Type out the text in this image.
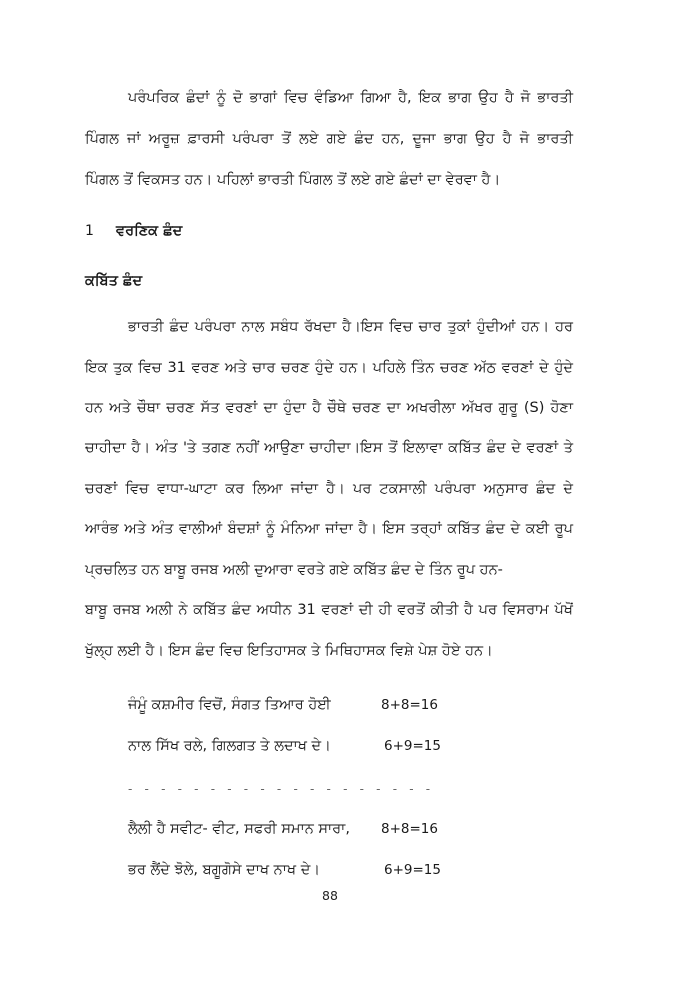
ਪਰੰਪਰਿਕ ਛੰਦਾਂ ਨੂੰ ਦੋ ਭਾਗਾਂ ਵਿਚ ਵੰਡਿਆ ਗਿਆ ਹੈ, ਇਕ ਭਾਗ ਉਹ ਹੈ ਜੋ ਭਾਰਤੀ
ਪਿੰਗਲ ਜਾਂ ਅਰੂਜ਼ ਫ਼ਾਰਸੀ ਪਰੰਪਰਾ ਤੋਂ ਲਏ ਗਏ ਛੰਦ ਹਨ, ਦੂਜਾ ਭਾਗ ਉਹ ਹੈ ਜੋ ਭਾਰਤੀ
ਪਿੰਗਲ ਤੋਂ ਵਿਕਸਤ ਹਨ। ਪਹਿਲਾਂ ਭਾਰਤੀ ਪਿੰਗਲ ਤੋਂ ਲਏ ਗਏ ਛੰਦਾਂ ਦਾ ਵੇਰਵਾ ਹੈ।
1 ਵਰਣਿਕ ਛੰਦ
ਕਬਿੱਤ ਛੰਦ
ਭਾਰਤੀ ਛੰਦ ਪਰੰਪਰਾ ਨਾਲ ਸਬੰਧ ਰੱਖਦਾ ਹੈ।ਇਸ ਵਿਚ ਚਾਰ ਤੁਕਾਂ ਹੁੰਦੀਆਂ ਹਨ। ਹਰ
ਇਕ ਤੁਕ ਵਿਚ 31 ਵਰਣ ਅਤੇ ਚਾਰ ਚਰਣ ਹੁੰਦੇ ਹਨ। ਪਹਿਲੇ ਤਿੰਨ ਚਰਣ ਅੱਠ ਵਰਣਾਂ ਦੇ ਹੁੰਦੇ
ਹਨ ਅਤੇ ਚੌਥਾ ਚਰਣ ਸੱਤ ਵਰਣਾਂ ਦਾ ਹੁੰਦਾ ਹੈ ਚੌਥੇ ਚਰਣ ਦਾ ਅਖਰੀਲਾ ਅੱਖਰ ਗੁਰੂ (S) ਹੋਣਾ
ਚਾਹੀਦਾ ਹੈ। ਅੰਤ 'ਤੇ ਤਗਣ ਨਹੀਂ ਆਉਣਾ ਚਾਹੀਦਾ।ਇਸ ਤੋਂ ਇਲਾਵਾ ਕਬਿੱਤ ਛੰਦ ਦੇ ਵਰਣਾਂ ਤੇ
ਚਰਣਾਂ ਵਿਚ ਵਾਧਾ-ਘਾਟਾ ਕਰ ਲਿਆ ਜਾਂਦਾ ਹੈ। ਪਰ ਟਕਸਾਲੀ ਪਰੰਪਰਾ ਅਨੁਸਾਰ ਛੰਦ ਦੇ
ਆਰੰਭ ਅਤੇ ਅੰਤ ਵਾਲੀਆਂ ਬੰਦਸ਼ਾਂ ਨੂੰ ਮੰਨਿਆ ਜਾਂਦਾ ਹੈ। ਇਸ ਤਰ੍ਹਾਂ ਕਬਿੱਤ ਛੰਦ ਦੇ ਕਈ ਰੂਪ
ਪ੍ਰਚਲਿਤ ਹਨ ਬਾਬੂ ਰਜਬ ਅਲੀ ਦੁਆਰਾ ਵਰਤੇ ਗਏ ਕਬਿੱਤ ਛੰਦ ਦੇ ਤਿੰਨ ਰੂਪ ਹਨ-
ਬਾਬੂ ਰਜਬ ਅਲੀ ਨੇ ਕਬਿੱਤ ਛੰਦ ਅਧੀਨ 31 ਵਰਣਾਂ ਦੀ ਹੀ ਵਰਤੋਂ ਕੀਤੀ ਹੈ ਪਰ ਵਿਸਰਾਮ ਪੱਖੋਂ
ਖੁੱਲ੍ਹ ਲਈ ਹੈ। ਇਸ ਛੰਦ ਵਿਚ ਇਤਿਹਾਸਕ ਤੇ ਮਿਥਿਹਾਸਕ ਵਿਸ਼ੇ ਪੇਸ਼ ਹੋਏ ਹਨ।
ਜੰਮੂੰ ਕਸ਼ਮੀਰ ਵਿਚੋਂ, ਸੰਗਤ ਤਿਆਰ ਹੋਈ	8+8=16
ਨਾਲ ਸਿੱਖ ਰਲੇ, ਗਿਲਗਤ ਤੇ ਲਦਾਖ ਦੇ।	6+9=15
- - - - - - - - - - - - - - - - - - -
ਲੈਲੀ ਹੈ ਸਵੀਟ- ਵੀਟ, ਸਫਰੀ ਸਮਾਨ ਸਾਰਾ, 8+8=16
ਭਰ ਲੈਂਦੇ ਝੋਲੇ, ਬਗੂਗੋਸੇ ਦਾਖ ਨਾਖ ਦੇ।	6+9=15
88
